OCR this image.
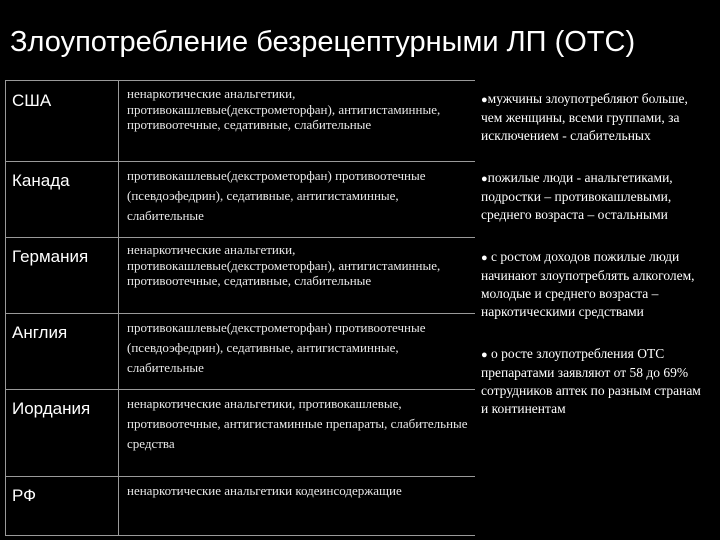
Злоупотребление безрецептурными ЛП (ОТС)
США	ненаркотические анальгетики, противокашлевые(декстрометорфан), антигистаминные, противоотечные, седативные, слабительные
Канада	противокашлевые(декстрометорфан) противоотечные (псевдоэфедрин), седативные, антигистаминные, слабительные
Германия	ненаркотические анальгетики, противокашлевые(декстрометорфан), антигистаминные, противоотечные, седативные, слабительные
Англия	противокашлевые(декстрометорфан) противоотечные (псевдоэфедрин), седативные, антигистаминные, слабительные
Иордания	ненаркотические анальгетики, противокашлевые, противоотечные, антигистаминные препараты, слабительные средства
РФ	ненаркотические анальгетики кодеинсодержащие
●мужчины злоупотребляют больше, чем женщины, всеми группами, за исключением - слабительных
●пожилые люди - анальгетиками, подростки – противокашлевыми, среднего возраста – остальными
● с ростом доходов пожилые люди начинают злоупотреблять алкоголем, молодые и среднего возраста – наркотическими средствами
● о росте злоупотребления ОТС препаратами заявляют от 58 до 69% сотрудников аптек по разным странам и континентам
